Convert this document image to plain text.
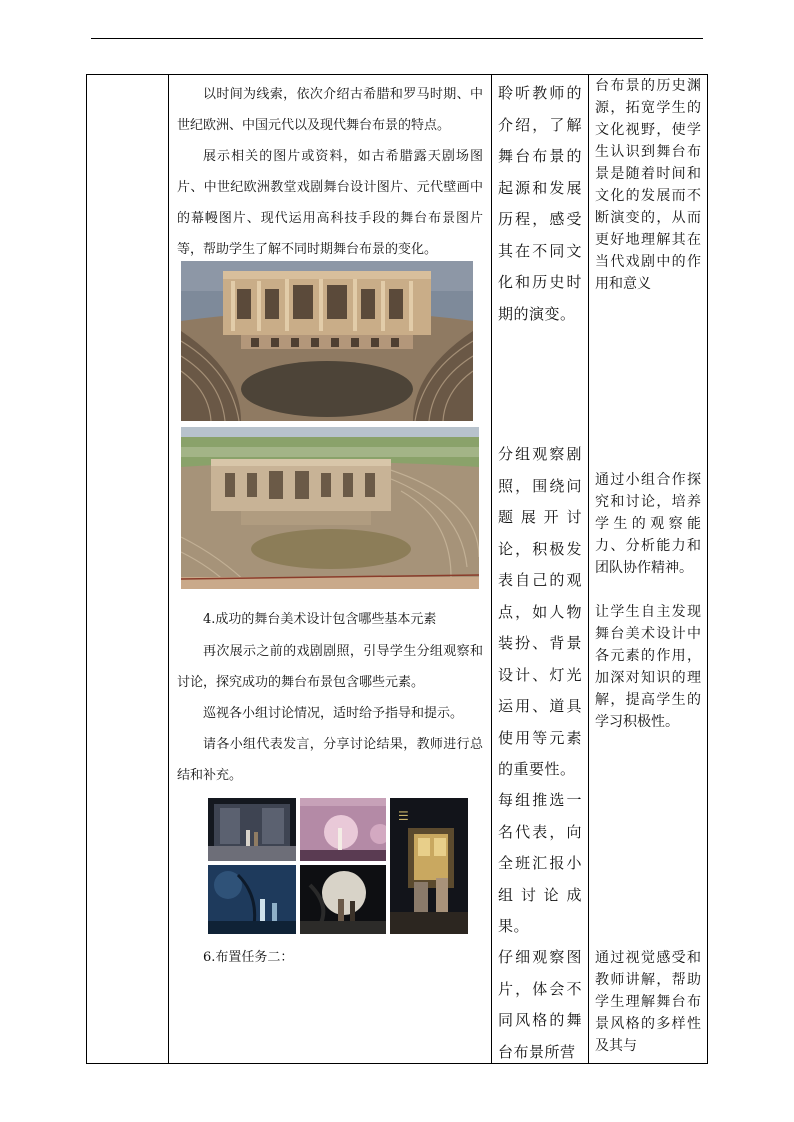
以时间为线索，依次介绍古希腊和罗马时期、中世纪欧洲、中国元代以及现代舞台布景的特点。

展示相关的图片或资料，如古希腊露天剧场图片、中世纪欧洲教堂戏剧舞台设计图片、元代壁画中的幕幔图片、现代运用高科技手段的舞台布景图片等，帮助学生了解不同时期舞台布景的变化。

4.成功的舞台美术设计包含哪些基本元素

再次展示之前的戏剧剧照，引导学生分组观察和讨论，探究成功的舞台布景包含哪些元素。

巡视各小组讨论情况，适时给予指导和提示。

请各小组代表发言，分享讨论结果，教师进行总结和补充。

☰

6.布置任务二：

聆听教师的介绍，了解舞台布景的起源和发展历程，感受其在不同文化和历史时期的演变。

分组观察剧照，围绕问题展开讨论，积极发表自己的观点，如人物装扮、背景设计、灯光运用、道具使用等元素的重要性。

每组推选一名代表，向全班汇报小组讨论成果。

仔细观察图片，体会不同风格的舞台布景所营

台布景的历史渊源，拓宽学生的文化视野，使学生认识到舞台布景是随着时间和文化的发展而不断演变的，从而更好地理解其在当代戏剧中的作用和意义

通过小组合作探究和讨论，培养学生的观察能力、分析能力和团队协作精神。

让学生自主发现舞台美术设计中各元素的作用，加深对知识的理解，提高学生的学习积极性。

通过视觉感受和教师讲解，帮助学生理解舞台布景风格的多样性及其与
